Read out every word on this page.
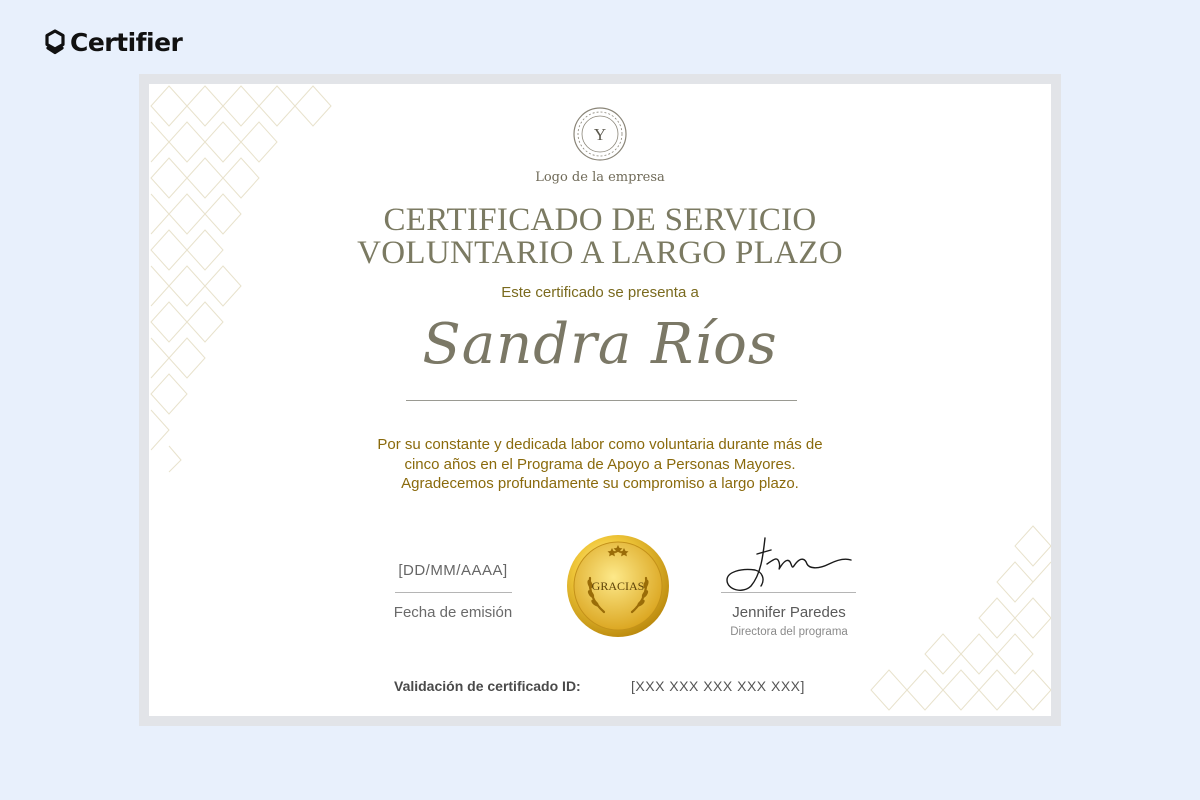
Certifier
Y
Logo de la empresa
CERTIFICADO DE SERVICIO
VOLUNTARIO A LARGO PLAZO
Este certificado se presenta a
Sandra Ríos
Por su constante y dedicada labor como voluntaria durante más de cinco años en el Programa de Apoyo a Personas Mayores. Agradecemos profundamente su compromiso a largo plazo.
[DD/MM/AAAA]
Fecha de emisión
GRACIAS
Jennifer Paredes
Directora del programa
Validación de certificado ID:	[XXX XXX XXX XXX XXX]
